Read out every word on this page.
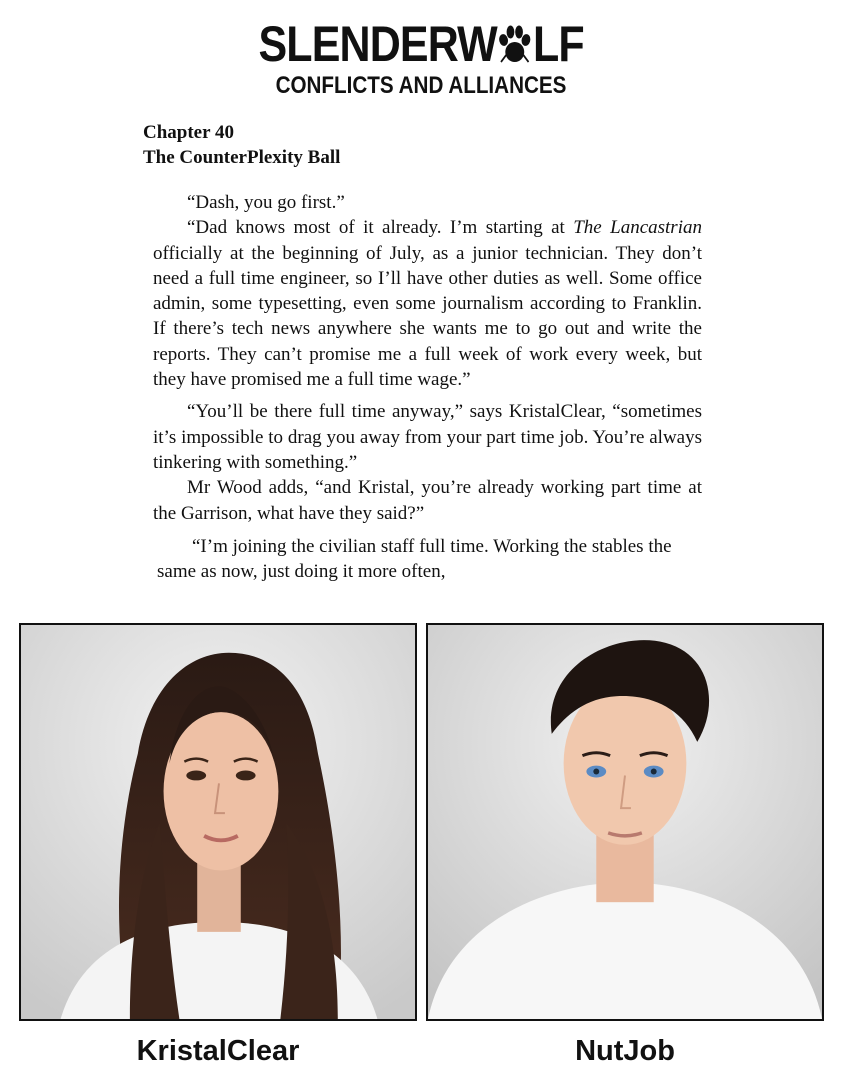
SLENDERW LF
CONFLICTS AND ALLIANCES
Chapter 40
The CounterPlexity Ball

“Dash, you go first.”

“Dad knows most of it already. I’m starting at The Lancastrian officially at the beginning of July, as a junior technician. They don’t need a full time engineer, so I’ll have other duties as well. Some office admin, some typesetting, even some journalism according to Franklin. If there’s tech news anywhere she wants me to go out and write the reports. They can’t promise me a full week of work every week, but they have promised me a full time wage.”

“You’ll be there full time anyway,” says KristalClear, “sometimes it’s impossible to drag you away from your part time job. You’re always tinkering with something.”

Mr Wood adds, “and Kristal, you’re already working part time at the Garrison, what have they said?”

“I’m joining the civilian staff full time. Working the stables the same as now, just doing it more often,

KristalClear	NutJob
